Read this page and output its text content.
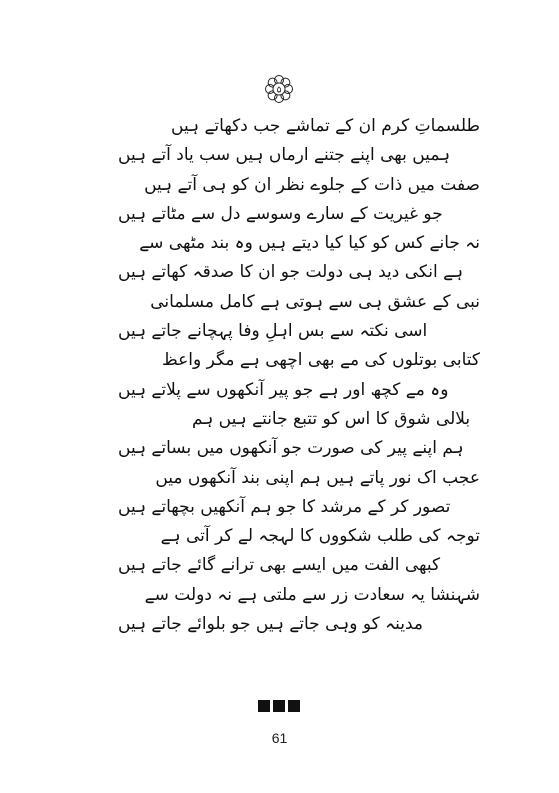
۵
طلسماتِ کرم ان کے تماشے جب دکھاتے ہیں
ہمیں بھی اپنے جتنے ارماں ہیں سب یاد آتے ہیں
صفت میں ذات کے جلوے نظر ان کو ہی آتے ہیں
جو غیریت کے سارے وسوسے دل سے مٹاتے ہیں
نہ جانے کس کو کیا کیا دیتے ہیں وہ بند مٹھی سے
ہے انکی دید ہی دولت جو ان کا صدقہ کھاتے ہیں
نبی کے عشق ہی سے ہوتی ہے کامل مسلمانی
اسی نکتہ سے بس اہلِ وفا پہچانے جاتے ہیں
کتابی بوتلوں کی مے بھی اچھی ہے مگر واعظ
وہ مے کچھ اور ہے جو پیر آنکھوں سے پلاتے ہیں
بلالی شوق کا اس کو تتبع جانتے ہیں ہم
ہم اپنے پیر کی صورت جو آنکھوں میں بساتے ہیں
عجب اک نور پاتے ہیں ہم اپنی بند آنکھوں میں
تصور کر کے مرشد کا جو ہم آنکھیں بچھاتے ہیں
توجہ کی طلب شکووں کا لہجہ لے کر آتی ہے
کبھی الفت میں ایسے بھی ترانے گائے جاتے ہیں
شہنشا یہ سعادت زر سے ملتی ہے نہ دولت سے
مدینہ کو وہی جاتے ہیں جو بلوائے جاتے ہیں
61
